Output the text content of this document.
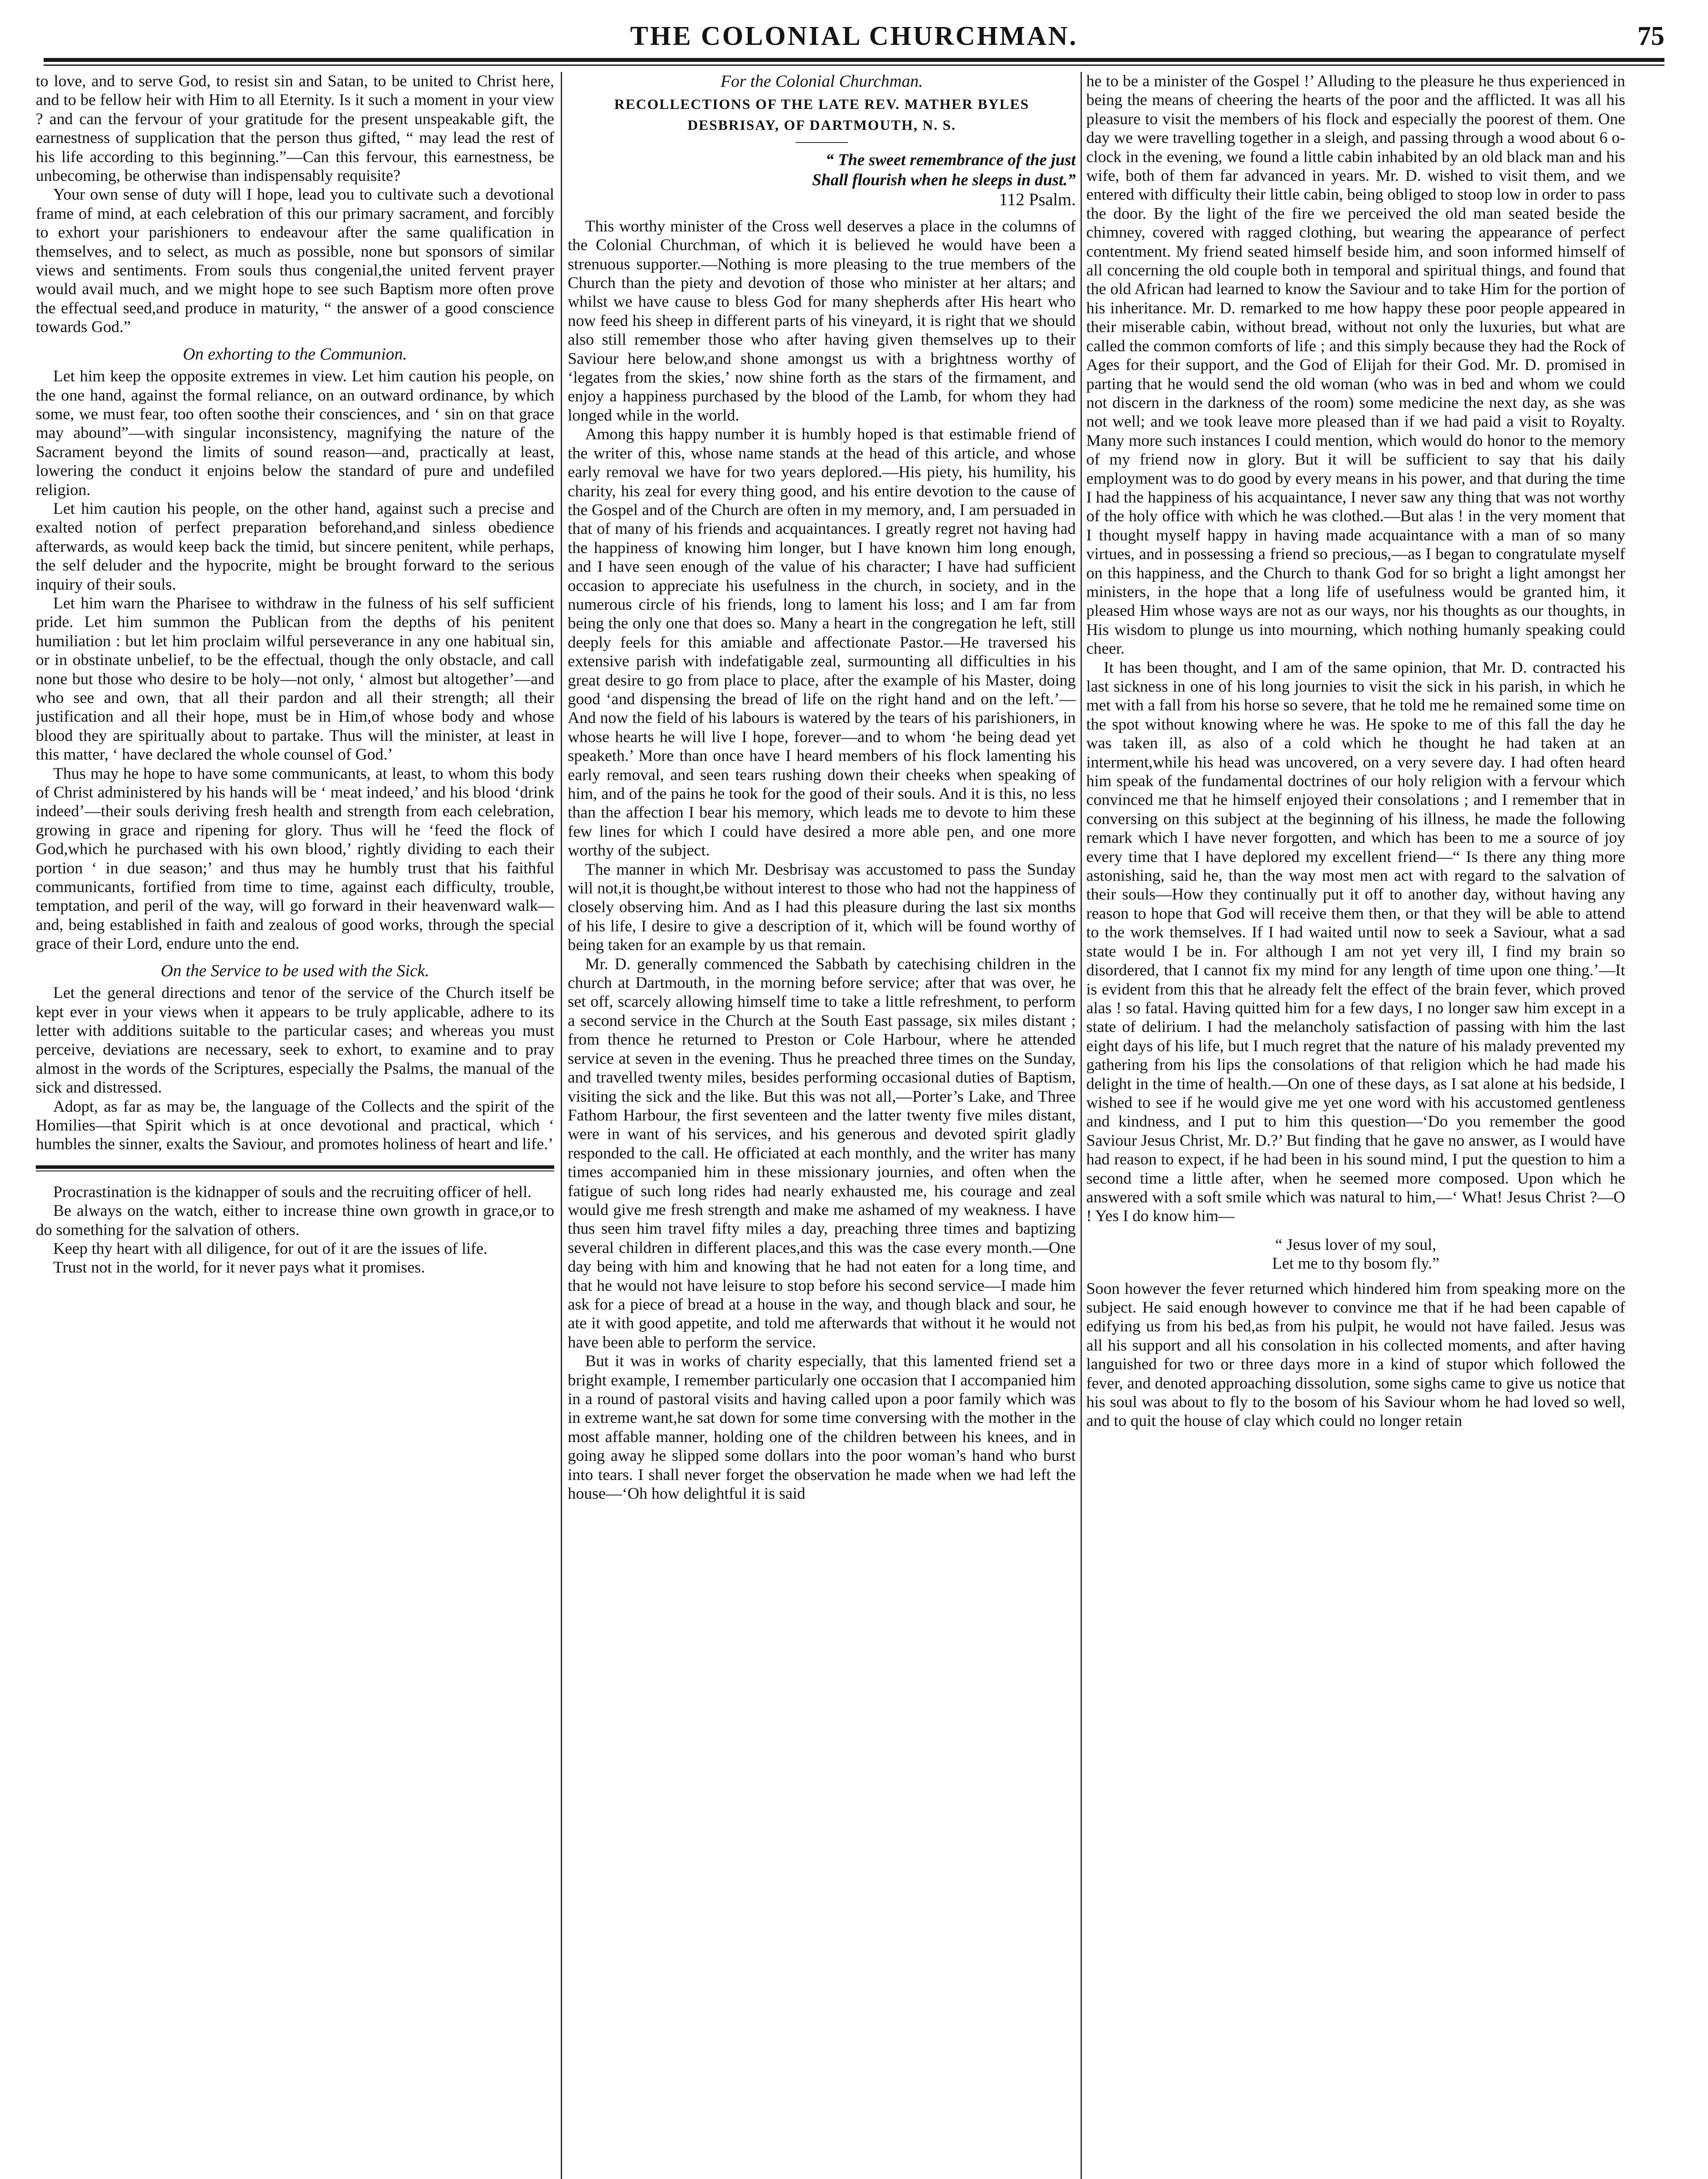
THE COLONIAL CHURCHMAN.	75

to love, and to serve God, to resist sin and Satan, to be united to Christ here, and to be fellow heir with Him to all Eternity. Is it such a moment in your view ? and can the fervour of your gratitude for the present unspeakable gift, the earnestness of supplication that the person thus gifted, “ may lead the rest of his life according to this beginning.”—Can this fervour, this earnestness, be unbecoming, be otherwise than indispensably requisite?

Your own sense of duty will I hope, lead you to cultivate such a devotional frame of mind, at each celebration of this our primary sacrament, and forcibly to exhort your parishioners to endeavour after the same qualification in themselves, and to select, as much as possible, none but sponsors of similar views and sentiments. From souls thus congenial,the united fervent prayer would avail much, and we might hope to see such Baptism more often prove the effectual seed,and produce in maturity, “ the answer of a good conscience towards God.”

On exhorting to the Communion.

Let him keep the opposite extremes in view. Let him caution his people, on the one hand, against the formal reliance, on an outward ordinance, by which some, we must fear, too often soothe their consciences, and ‘ sin on that grace may abound”—with singular inconsistency, magnifying the nature of the Sacrament beyond the limits of sound reason—and, practically at least, lowering the conduct it enjoins below the standard of pure and undefiled religion.

Let him caution his people, on the other hand, against such a precise and exalted notion of perfect preparation beforehand,and sinless obedience afterwards, as would keep back the timid, but sincere penitent, while perhaps, the self deluder and the hypocrite, might be brought forward to the serious inquiry of their souls.

Let him warn the Pharisee to withdraw in the fulness of his self sufficient pride. Let him summon the Publican from the depths of his penitent humiliation : but let him proclaim wilful perseverance in any one habitual sin, or in obstinate unbelief, to be the effectual, though the only obstacle, and call none but those who desire to be holy—not only, ‘ almost but altogether’—and who see and own, that all their pardon and all their strength; all their justification and all their hope, must be in Him,of whose body and whose blood they are spiritually about to partake. Thus will the minister, at least in this matter, ‘ have declared the whole counsel of God.’

Thus may he hope to have some communicants, at least, to whom this body of Christ administered by his hands will be ‘ meat indeed,’ and his blood ‘drink indeed’—their souls deriving fresh health and strength from each celebration, growing in grace and ripening for glory. Thus will he ‘feed the flock of God,which he purchased with his own blood,’ rightly dividing to each their portion ‘ in due season;’ and thus may he humbly trust that his faithful communicants, fortified from time to time, against each difficulty, trouble, temptation, and peril of the way, will go forward in their heavenward walk—and, being established in faith and zealous of good works, through the special grace of their Lord, endure unto the end.

On the Service to be used with the Sick.

Let the general directions and tenor of the service of the Church itself be kept ever in your views when it appears to be truly applicable, adhere to its letter with additions suitable to the particular cases; and whereas you must perceive, deviations are necessary, seek to exhort, to examine and to pray almost in the words of the Scriptures, especially the Psalms, the manual of the sick and distressed.

Adopt, as far as may be, the language of the Collects and the spirit of the Homilies—that Spirit which is at once devotional and practical, which ‘ humbles the sinner, exalts the Saviour, and promotes holiness of heart and life.’

Procrastination is the kidnapper of souls and the recruiting officer of hell.

Be always on the watch, either to increase thine own growth in grace,or to do something for the salvation of others.

Keep thy heart with all diligence, for out of it are the issues of life.

Trust not in the world, for it never pays what it promises.

For the Colonial Churchman.
RECOLLECTIONS OF THE LATE REV. MATHER BYLES DESBRISAY, OF DARTMOUTH, N. S.
“ The sweet remembrance of the just
Shall flourish when he sleeps in dust.”
112 Psalm.

This worthy minister of the Cross well deserves a place in the columns of the Colonial Churchman, of which it is believed he would have been a strenuous supporter.—Nothing is more pleasing to the true members of the Church than the piety and devotion of those who minister at her altars; and whilst we have cause to bless God for many shepherds after His heart who now feed his sheep in different parts of his vineyard, it is right that we should also still remember those who after having given themselves up to their Saviour here below,and shone amongst us with a brightness worthy of ‘legates from the skies,’ now shine forth as the stars of the firmament, and enjoy a happiness purchased by the blood of the Lamb, for whom they had longed while in the world.

Among this happy number it is humbly hoped is that estimable friend of the writer of this, whose name stands at the head of this article, and whose early removal we have for two years deplored.—His piety, his humility, his charity, his zeal for every thing good, and his entire devotion to the cause of the Gospel and of the Church are often in my memory, and, I am persuaded in that of many of his friends and acquaintances. I greatly regret not having had the happiness of knowing him longer, but I have known him long enough, and I have seen enough of the value of his character; I have had sufficient occasion to appreciate his usefulness in the church, in society, and in the numerous circle of his friends, long to lament his loss; and I am far from being the only one that does so. Many a heart in the congregation he left, still deeply feels for this amiable and affectionate Pastor.—He traversed his extensive parish with indefatigable zeal, surmounting all difficulties in his great desire to go from place to place, after the example of his Master, doing good ‘and dispensing the bread of life on the right hand and on the left.’—And now the field of his labours is watered by the tears of his parishioners, in whose hearts he will live I hope, forever—and to whom ‘he being dead yet speaketh.’ More than once have I heard members of his flock lamenting his early removal, and seen tears rushing down their cheeks when speaking of him, and of the pains he took for the good of their souls. And it is this, no less than the affection I bear his memory, which leads me to devote to him these few lines for which I could have desired a more able pen, and one more worthy of the subject.

The manner in which Mr. Desbrisay was accustomed to pass the Sunday will not,it is thought,be without interest to those who had not the happiness of closely observing him. And as I had this pleasure during the last six months of his life, I desire to give a description of it, which will be found worthy of being taken for an example by us that remain.

Mr. D. generally commenced the Sabbath by catechising children in the church at Dartmouth, in the morning before service; after that was over, he set off, scarcely allowing himself time to take a little refreshment, to perform a second service in the Church at the South East passage, six miles distant ; from thence he returned to Preston or Cole Harbour, where he attended service at seven in the evening. Thus he preached three times on the Sunday, and travelled twenty miles, besides performing occasional duties of Baptism, visiting the sick and the like. But this was not all,—Porter’s Lake, and Three Fathom Harbour, the first seventeen and the latter twenty five miles distant, were in want of his services, and his generous and devoted spirit gladly responded to the call. He officiated at each monthly, and the writer has many times accompanied him in these missionary journies, and often when the fatigue of such long rides had nearly exhausted me, his courage and zeal would give me fresh strength and make me ashamed of my weakness. I have thus seen him travel fifty miles a day, preaching three times and baptizing several children in different places,and this was the case every month.—One day being with him and knowing that he had not eaten for a long time, and that he would not have leisure to stop before his second service—I made him ask for a piece of bread at a house in the way, and though black and sour, he ate it with good appetite, and told me afterwards that without it he would not have been able to perform the service.

But it was in works of charity especially, that this lamented friend set a bright example, I remember particularly one occasion that I accompanied him in a round of pastoral visits and having called upon a poor family which was in extreme want,he sat down for some time conversing with the mother in the most affable manner, holding one of the children between his knees, and in going away he slipped some dollars into the poor woman’s hand who burst into tears. I shall never forget the observation he made when we had left the house—‘Oh how delightful it is said

he to be a minister of the Gospel !’ Alluding to the pleasure he thus experienced in being the means of cheering the hearts of the poor and the afflicted. It was all his pleasure to visit the members of his flock and especially the poorest of them. One day we were travelling together in a sleigh, and passing through a wood about 6 o-clock in the evening, we found a little cabin inhabited by an old black man and his wife, both of them far advanced in years. Mr. D. wished to visit them, and we entered with difficulty their little cabin, being obliged to stoop low in order to pass the door. By the light of the fire we perceived the old man seated beside the chimney, covered with ragged clothing, but wearing the appearance of perfect contentment. My friend seated himself beside him, and soon informed himself of all concerning the old couple both in temporal and spiritual things, and found that the old African had learned to know the Saviour and to take Him for the portion of his inheritance. Mr. D. remarked to me how happy these poor people appeared in their miserable cabin, without bread, without not only the luxuries, but what are called the common comforts of life ; and this simply because they had the Rock of Ages for their support, and the God of Elijah for their God. Mr. D. promised in parting that he would send the old woman (who was in bed and whom we could not discern in the darkness of the room) some medicine the next day, as she was not well; and we took leave more pleased than if we had paid a visit to Royalty. Many more such instances I could mention, which would do honor to the memory of my friend now in glory. But it will be sufficient to say that his daily employment was to do good by every means in his power, and that during the time I had the happiness of his acquaintance, I never saw any thing that was not worthy of the holy office with which he was clothed.—But alas ! in the very moment that I thought myself happy in having made acquaintance with a man of so many virtues, and in possessing a friend so precious,—as I began to congratulate myself on this happiness, and the Church to thank God for so bright a light amongst her ministers, in the hope that a long life of usefulness would be granted him, it pleased Him whose ways are not as our ways, nor his thoughts as our thoughts, in His wisdom to plunge us into mourning, which nothing humanly speaking could cheer.

It has been thought, and I am of the same opinion, that Mr. D. contracted his last sickness in one of his long journies to visit the sick in his parish, in which he met with a fall from his horse so severe, that he told me he remained some time on the spot without knowing where he was. He spoke to me of this fall the day he was taken ill, as also of a cold which he thought he had taken at an interment,while his head was uncovered, on a very severe day. I had often heard him speak of the fundamental doctrines of our holy religion with a fervour which convinced me that he himself enjoyed their consolations ; and I remember that in conversing on this subject at the beginning of his illness, he made the following remark which I have never forgotten, and which has been to me a source of joy every time that I have deplored my excellent friend—“ Is there any thing more astonishing, said he, than the way most men act with regard to the salvation of their souls—How they continually put it off to another day, without having any reason to hope that God will receive them then, or that they will be able to attend to the work themselves. If I had waited until now to seek a Saviour, what a sad state would I be in. For although I am not yet very ill, I find my brain so disordered, that I cannot fix my mind for any length of time upon one thing.’—It is evident from this that he already felt the effect of the brain fever, which proved alas ! so fatal. Having quitted him for a few days, I no longer saw him except in a state of delirium. I had the melancholy satisfaction of passing with him the last eight days of his life, but I much regret that the nature of his malady prevented my gathering from his lips the consolations of that religion which he had made his delight in the time of health.—On one of these days, as I sat alone at his bedside, I wished to see if he would give me yet one word with his accustomed gentleness and kindness, and I put to him this question—‘Do you remember the good Saviour Jesus Christ, Mr. D.?’ But finding that he gave no answer, as I would have had reason to expect, if he had been in his sound mind, I put the question to him a second time a little after, when he seemed more composed. Upon which he answered with a soft smile which was natural to him,—‘ What! Jesus Christ ?—O ! Yes I do know him—

“ Jesus lover of my soul,
Let me to thy bosom fly.”

Soon however the fever returned which hindered him from speaking more on the subject. He said enough however to convince me that if he had been capable of edifying us from his bed,as from his pulpit, he would not have failed. Jesus was all his support and all his consolation in his collected moments, and after having languished for two or three days more in a kind of stupor which followed the fever, and denoted approaching dissolution, some sighs came to give us notice that his soul was about to fly to the bosom of his Saviour whom he had loved so well, and to quit the house of clay which could no longer retain
